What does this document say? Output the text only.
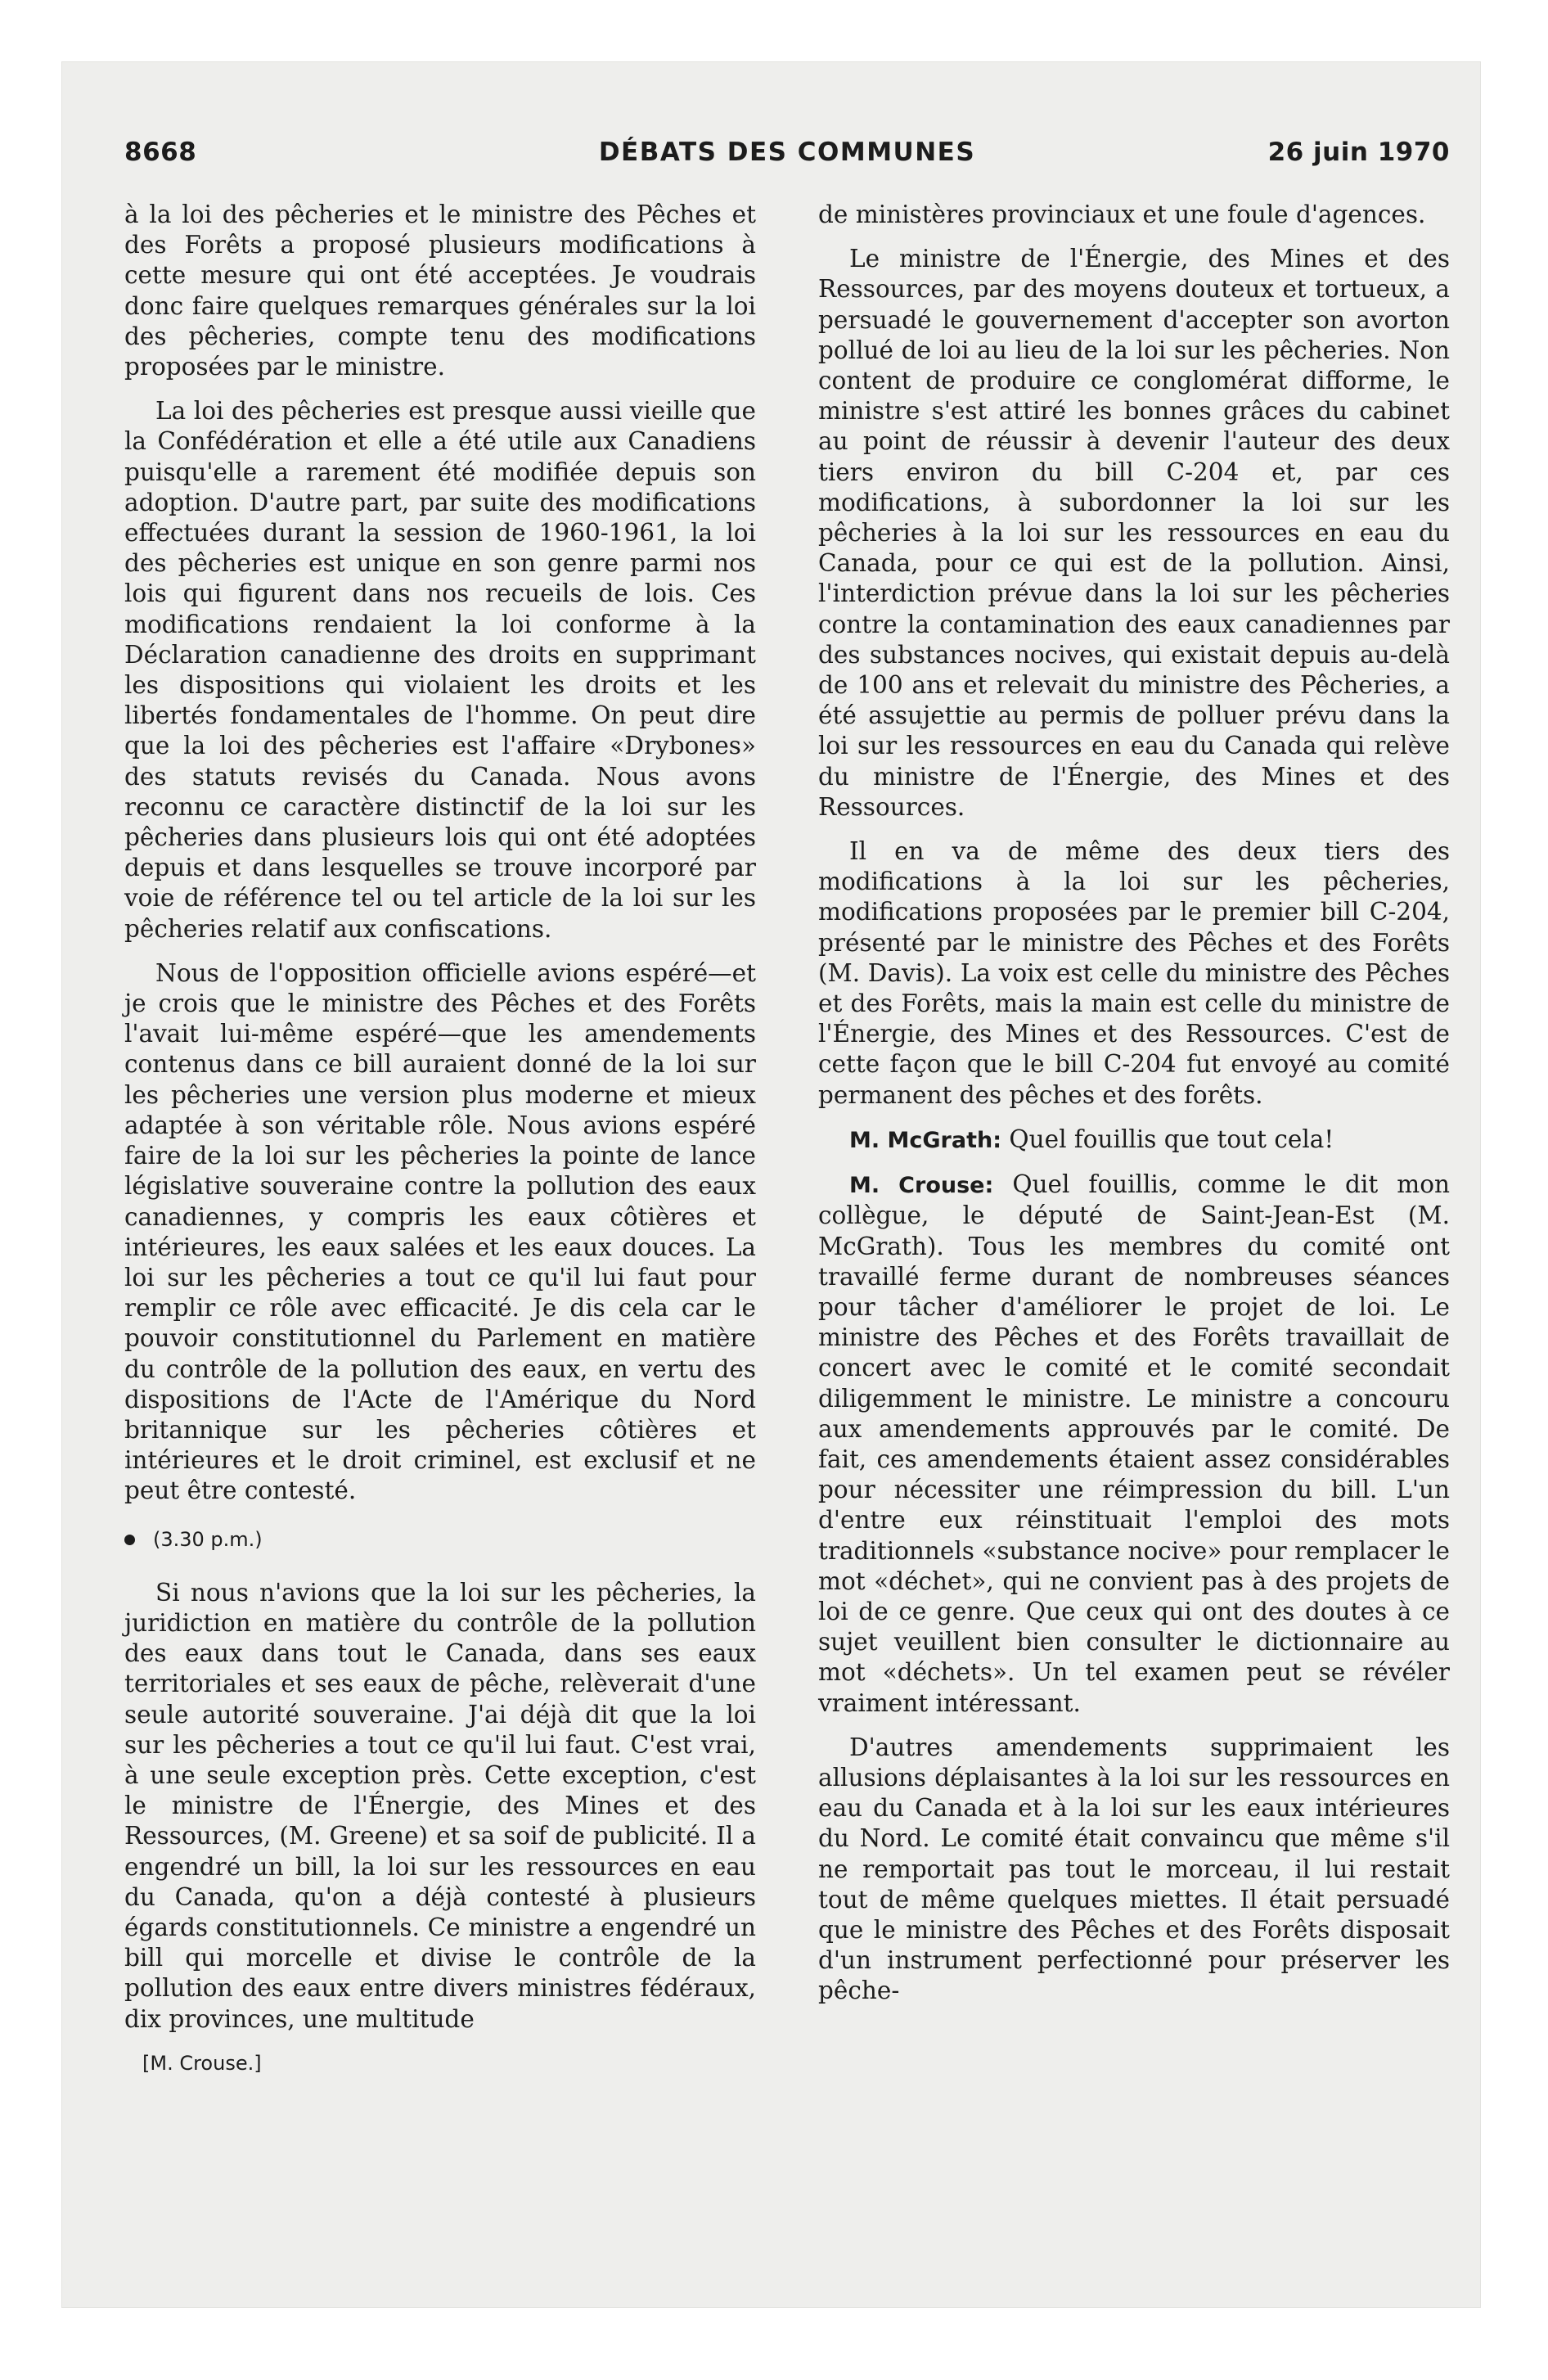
8668	DÉBATS DES COMMUNES	26 juin 1970

à la loi des pêcheries et le ministre des Pêches et des Forêts a proposé plusieurs modifications à cette mesure qui ont été acceptées. Je voudrais donc faire quelques remarques générales sur la loi des pêcheries, compte tenu des modifications proposées par le ministre.

La loi des pêcheries est presque aussi vieille que la Confédération et elle a été utile aux Canadiens puisqu'elle a rarement été modifiée depuis son adoption. D'autre part, par suite des modifications effectuées durant la session de 1960-1961, la loi des pêcheries est unique en son genre parmi nos lois qui figurent dans nos recueils de lois. Ces modifications rendaient la loi conforme à la Déclaration canadienne des droits en supprimant les dispositions qui violaient les droits et les libertés fondamentales de l'homme. On peut dire que la loi des pêcheries est l'affaire «Drybones» des statuts revisés du Canada. Nous avons reconnu ce caractère distinctif de la loi sur les pêcheries dans plusieurs lois qui ont été adoptées depuis et dans lesquelles se trouve incorporé par voie de référence tel ou tel article de la loi sur les pêcheries relatif aux confiscations.

Nous de l'opposition officielle avions espéré—et je crois que le ministre des Pêches et des Forêts l'avait lui-même espéré—que les amendements contenus dans ce bill auraient donné de la loi sur les pêcheries une version plus moderne et mieux adaptée à son véritable rôle. Nous avions espéré faire de la loi sur les pêcheries la pointe de lance législative souveraine contre la pollution des eaux canadiennes, y compris les eaux côtières et intérieures, les eaux salées et les eaux douces. La loi sur les pêcheries a tout ce qu'il lui faut pour remplir ce rôle avec efficacité. Je dis cela car le pouvoir constitutionnel du Parlement en matière du contrôle de la pollution des eaux, en vertu des dispositions de l'Acte de l'Amérique du Nord britannique sur les pêcheries côtières et intérieures et le droit criminel, est exclusif et ne peut être contesté.

(3.30 p.m.)

Si nous n'avions que la loi sur les pêcheries, la juridiction en matière du contrôle de la pollution des eaux dans tout le Canada, dans ses eaux territoriales et ses eaux de pêche, relèverait d'une seule autorité souveraine. J'ai déjà dit que la loi sur les pêcheries a tout ce qu'il lui faut. C'est vrai, à une seule exception près. Cette exception, c'est le ministre de l'Énergie, des Mines et des Ressources, (M. Greene) et sa soif de publicité. Il a engendré un bill, la loi sur les ressources en eau du Canada, qu'on a déjà contesté à plusieurs égards constitutionnels. Ce ministre a engendré un bill qui morcelle et divise le contrôle de la pollution des eaux entre divers ministres fédéraux, dix provinces, une multitude

[M. Crouse.]

de ministères provinciaux et une foule d'agences.

Le ministre de l'Énergie, des Mines et des Ressources, par des moyens douteux et tortueux, a persuadé le gouvernement d'accepter son avorton pollué de loi au lieu de la loi sur les pêcheries. Non content de produire ce conglomérat difforme, le ministre s'est attiré les bonnes grâces du cabinet au point de réussir à devenir l'auteur des deux tiers environ du bill C-204 et, par ces modifications, à subordonner la loi sur les pêcheries à la loi sur les ressources en eau du Canada, pour ce qui est de la pollution. Ainsi, l'interdiction prévue dans la loi sur les pêcheries contre la contamination des eaux canadiennes par des substances nocives, qui existait depuis au-delà de 100 ans et relevait du ministre des Pêcheries, a été assujettie au permis de polluer prévu dans la loi sur les ressources en eau du Canada qui relève du ministre de l'Énergie, des Mines et des Ressources.

Il en va de même des deux tiers des modifications à la loi sur les pêcheries, modifications proposées par le premier bill C-204, présenté par le ministre des Pêches et des Forêts (M. Davis). La voix est celle du ministre des Pêches et des Forêts, mais la main est celle du ministre de l'Énergie, des Mines et des Ressources. C'est de cette façon que le bill C-204 fut envoyé au comité permanent des pêches et des forêts.

M. McGrath: Quel fouillis que tout cela!

M. Crouse: Quel fouillis, comme le dit mon collègue, le député de Saint-Jean-Est (M. McGrath). Tous les membres du comité ont travaillé ferme durant de nombreuses séances pour tâcher d'améliorer le projet de loi. Le ministre des Pêches et des Forêts travaillait de concert avec le comité et le comité secondait diligemment le ministre. Le ministre a concouru aux amendements approuvés par le comité. De fait, ces amendements étaient assez considérables pour nécessiter une réimpression du bill. L'un d'entre eux réinstituait l'emploi des mots traditionnels «substance nocive» pour remplacer le mot «déchet», qui ne convient pas à des projets de loi de ce genre. Que ceux qui ont des doutes à ce sujet veuillent bien consulter le dictionnaire au mot «déchets». Un tel examen peut se révéler vraiment intéressant.

D'autres amendements supprimaient les allusions déplaisantes à la loi sur les ressources en eau du Canada et à la loi sur les eaux intérieures du Nord. Le comité était convaincu que même s'il ne remportait pas tout le morceau, il lui restait tout de même quelques miettes. Il était persuadé que le ministre des Pêches et des Forêts disposait d'un instrument perfectionné pour préserver les pêche-
